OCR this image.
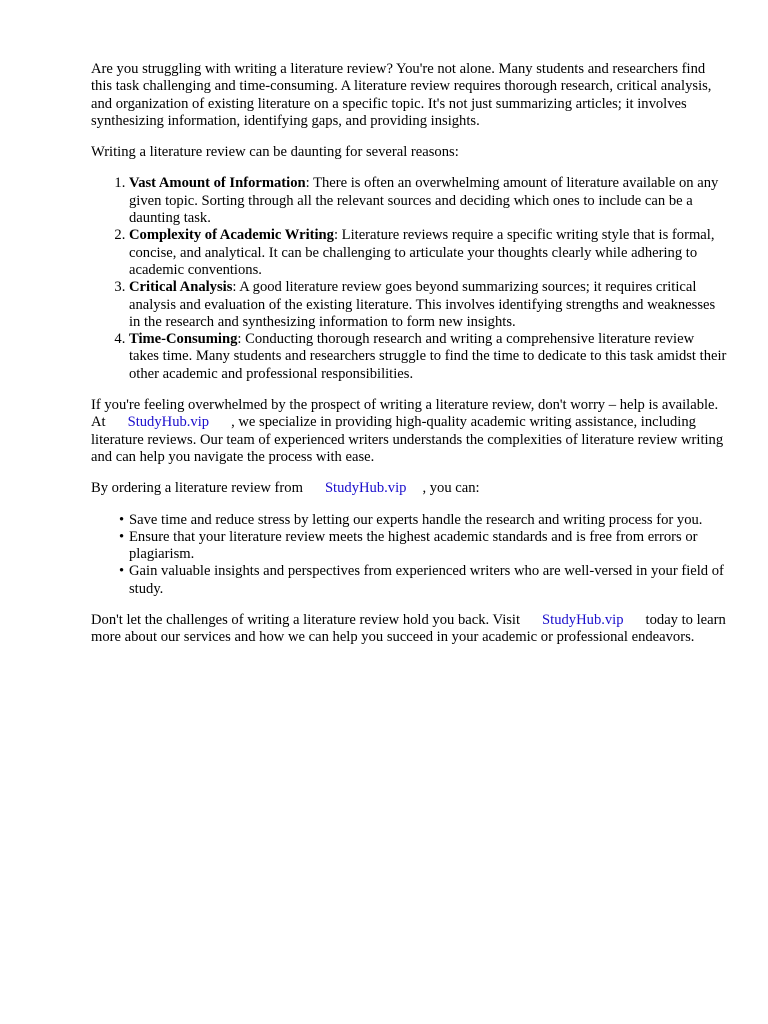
Are you struggling with writing a literature review? You're not alone. Many students and researchers find this task challenging and time-consuming. A literature review requires thorough research, critical analysis, and organization of existing literature on a specific topic. It's not just summarizing articles; it involves synthesizing information, identifying gaps, and providing insights.

Writing a literature review can be daunting for several reasons:

1. Vast Amount of Information: There is often an overwhelming amount of literature available on any given topic. Sorting through all the relevant sources and deciding which ones to include can be a daunting task.
2. Complexity of Academic Writing: Literature reviews require a specific writing style that is formal, concise, and analytical. It can be challenging to articulate your thoughts clearly while adhering to academic conventions.
3. Critical Analysis: A good literature review goes beyond summarizing sources; it requires critical analysis and evaluation of the existing literature. This involves identifying strengths and weaknesses in the research and synthesizing information to form new insights.
4. Time-Consuming: Conducting thorough research and writing a comprehensive literature review takes time. Many students and researchers struggle to find the time to dedicate to this task amidst their other academic and professional responsibilities.

If you're feeling overwhelmed by the prospect of writing a literature review, don't worry – help is available. At StudyHub.vip , we specialize in providing high-quality academic writing assistance, including literature reviews. Our team of experienced writers understands the complexities of literature review writing and can help you navigate the process with ease.

By ordering a literature review from StudyHub.vip , you can:

• Save time and reduce stress by letting our experts handle the research and writing process for you.
• Ensure that your literature review meets the highest academic standards and is free from errors or plagiarism.
• Gain valuable insights and perspectives from experienced writers who are well-versed in your field of study.

Don't let the challenges of writing a literature review hold you back. Visit StudyHub.vip today to learn more about our services and how we can help you succeed in your academic or professional endeavors.
